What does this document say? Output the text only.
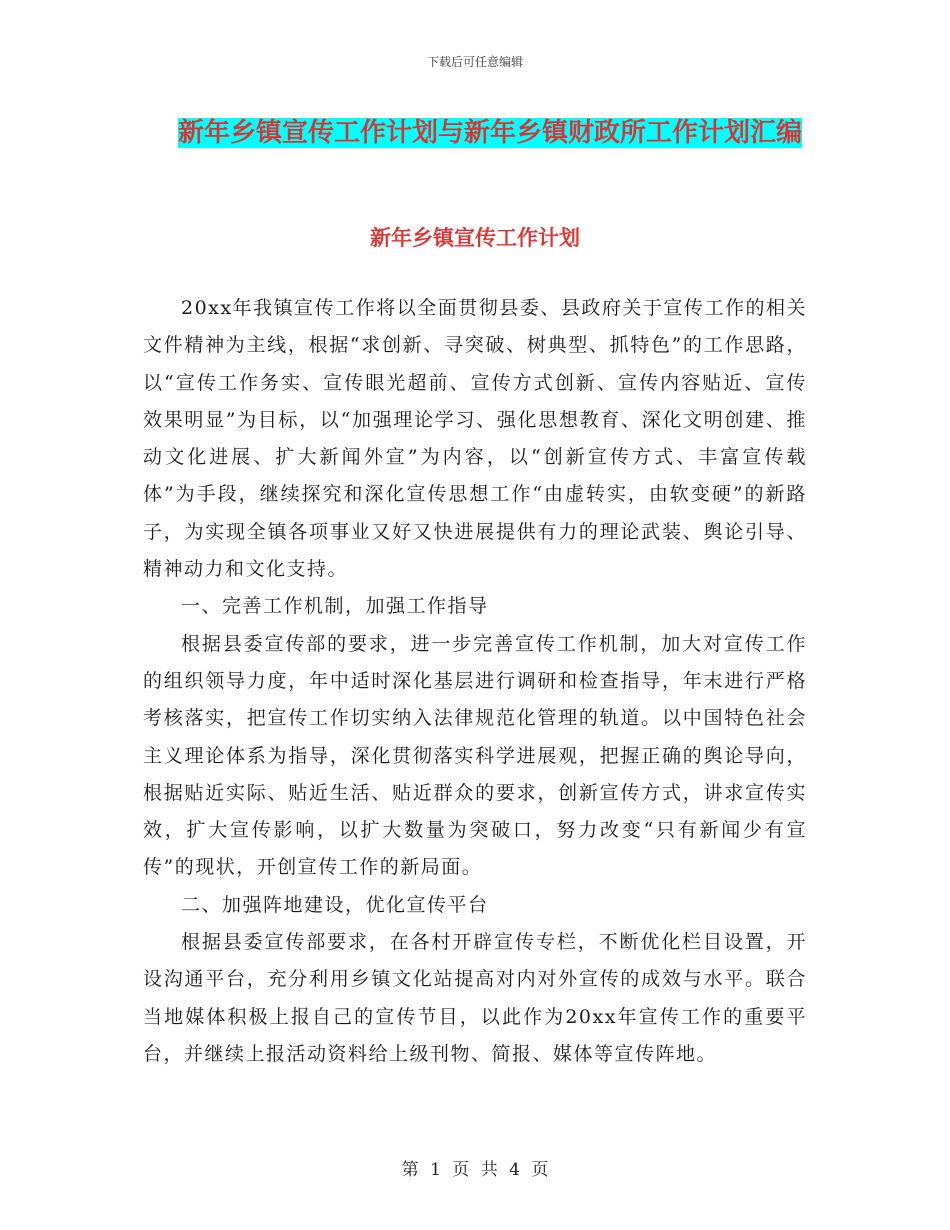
下载后可任意编辑
新年乡镇宣传工作计划与新年乡镇财政所工作计划汇编
新年乡镇宣传工作计划

20xx年我镇宣传工作将以全面贯彻县委、县政府关于宣传工作的相关文件精神为主线，根据“求创新、寻突破、树典型、抓特色”的工作思路，以“宣传工作务实、宣传眼光超前、宣传方式创新、宣传内容贴近、宣传效果明显”为目标，以“加强理论学习、强化思想教育、深化文明创建、推动文化进展、扩大新闻外宣”为内容，以“创新宣传方式、丰富宣传载体”为手段，继续探究和深化宣传思想工作“由虚转实，由软变硬”的新路子，为实现全镇各项事业又好又快进展提供有力的理论武装、舆论引导、精神动力和文化支持。

一、完善工作机制，加强工作指导

根据县委宣传部的要求，进一步完善宣传工作机制，加大对宣传工作的组织领导力度，年中适时深化基层进行调研和检查指导，年末进行严格考核落实，把宣传工作切实纳入法律规范化管理的轨道。以中国特色社会主义理论体系为指导，深化贯彻落实科学进展观，把握正确的舆论导向，根据贴近实际、贴近生活、贴近群众的要求，创新宣传方式，讲求宣传实效，扩大宣传影响，以扩大数量为突破口，努力改变“只有新闻少有宣传”的现状，开创宣传工作的新局面。

二、加强阵地建设，优化宣传平台

根据县委宣传部要求，在各村开辟宣传专栏，不断优化栏目设置，开设沟通平台，充分利用乡镇文化站提高对内对外宣传的成效与水平。联合当地媒体积极上报自己的宣传节目，以此作为20xx年宣传工作的重要平台，并继续上报活动资料给上级刊物、简报、媒体等宣传阵地。

第 1 页 共 4 页
